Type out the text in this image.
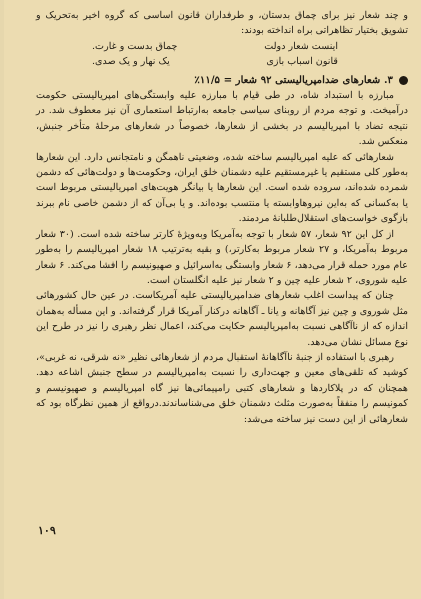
و چند شعار نیز برای چماق بدستان، و طرفداران قانون اساسی که گروه اخیر به‌تحریک و تشویق بختیار تظاهراتی براه انداخته بودند:

اینست شعار دولت
چماق بدست و غارت.
قانون اسباب بازی
یک نهار و یک صدی.

۳. شعارهای ضدامپریالیستی ۹۲ شعار = ۱۱/۵٪

مبارزه با استبداد شاه، در طی قیام با مبارزه علیه وابستگی‌های امپریالیستی حکومت درآمیخت. و توجه مردم از روبنای سیاسی جامعه به‌ارتباط استعماری آن نیز معطوف شد. در نتیجه تضاد با امپریالیسم در بخشی از شعارها، خصوصاً در شعارهای مرحلهٔ متأخر جنبش، منعکس شد.

شعارهائی که علیه امپریالیسم ساخته شده، وضعیتی ناهمگن و نامتجانس دارد. این شعارها به‌طور کلی مستقیم یا غیرمستقیم علیه دشمنان خلق ایران، وحکومت‌ها و دولت‌هائی که دشمن شمرده شده‌اند، سروده شده است. این شعارها یا بیانگر هویت‌های امپریالیستی مربوط است یا به‌کسانی که به‌این نیروهاوابسته یا منتسب بوده‌اند. و یا بی‌آن که از دشمن خاصی نام ببرند بازگوی خواست‌های استقلال‌طلبانهٔ مردمند.

از کل این ۹۲ شعار، ۵۷ شعار با توجه به‌آمریکا و‌به‌ویژهٔ کارتر ساخته شده است. (۳۰ شعار مربوط به‌آمریکا، و ۲۷ شعار مربوط به‌کارتر،) و بقیه به‌ترتیب ۱۸ شعار امپریالیسم را به‌طور عام مورد حمله قرار می‌دهد، ۶ شعار وابستگی به‌اسرائیل و صهیونیسم را افشا می‌کند. ۶ شعار علیه شوروی، ۲ شعار علیه چین و ۲ شعار نیز علیه انگلستان است.

چنان که پیداست اغلب شعارهای ضدامپریالیستی علیه آمریکاست. در عین حال کشورهائی مثل شوروی و چین نیز آگاهانه و یانا ـ آگاهانه درکنار آمریکا قرار گرفته‌اند. و این مسأله به‌همان اندازه که از ناآگاهی نسبت به‌امپریالیسم حکایت می‌کند، اعمال نظر رهبری را نیز در طرح این نوع مسائل نشان می‌دهد.

رهبری با استفاده از جنبهٔ ناآگاهانهٔ استقبال مردم از شعارهائی نظیر «نه شرقی، نه غربی»، کوشید که تلقی‌های معین و جهت‌داری را نسبت به‌امپریالیسم در سطح جنبش اشاعه دهد. همچنان که در پلاکاردها و شعارهای کتبی رامپیمائی‌ها نیز گاه امپریالیسم و صهیونیسم و کمونیسم را منفقاً به‌صورت مثلث دشمنان خلق می‌شناساندند.درواقع از همین نظرگاه بود که شعارهائی از این دست نیز ساخته می‌شد:

۱۰۹
